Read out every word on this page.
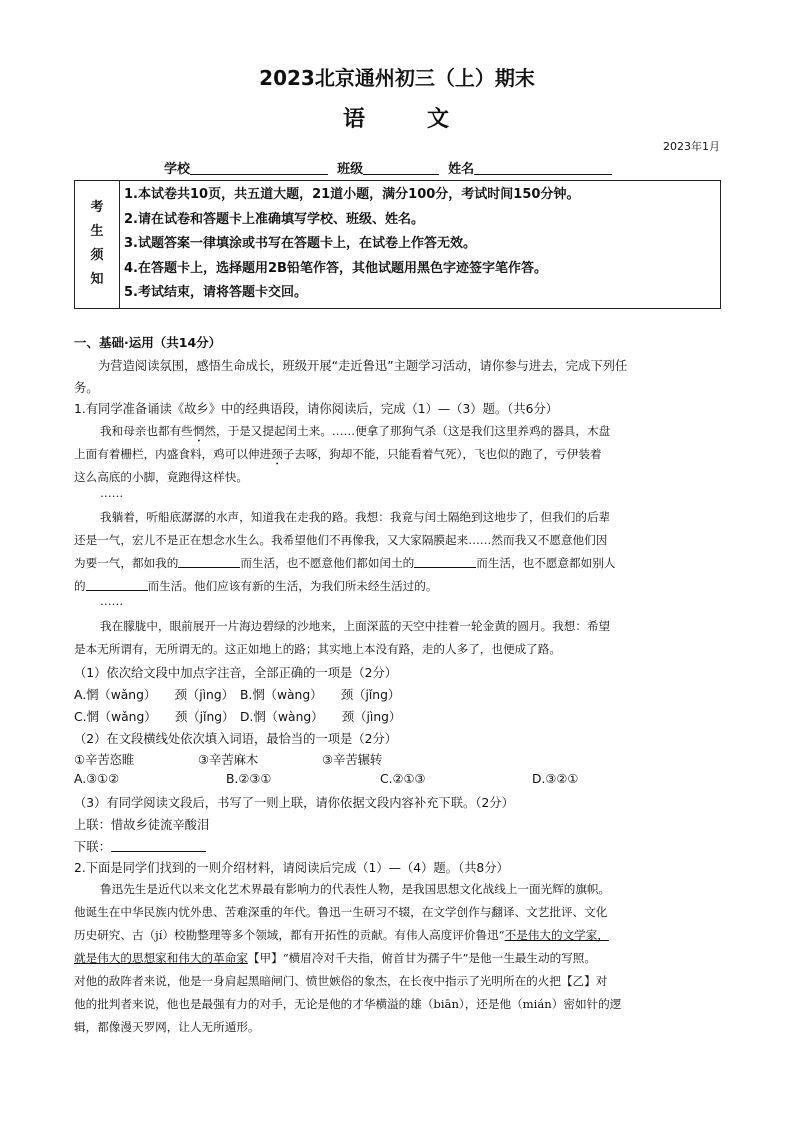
2023北京通州初三（上）期末
语	文
2023年1月
学校	班级	姓名
考
生
须
知

1.本试卷共10页，共五道大题，21道小题，满分100分，考试时间150分钟。
2.请在试卷和答题卡上准确填写学校、班级、姓名。
3.试题答案一律填涂或书写在答题卡上，在试卷上作答无效。
4.在答题卡上，选择题用2B铅笔作答，其他试题用黑色字迹签字笔作答。
5.考试结束，请将答题卡交回。
一、基础·运用（共14分）
为营造阅读氛围，感悟生命成长，班级开展“走近鲁迅”主题学习活动，请你参与进去，完成下列任
务。
1.有同学准备诵读《故乡》中的经典语段，请你阅读后，完成（1）—（3）题。（共6分）
我和母亲也都有些惘然，于是又提起闰土来。……便拿了那狗气杀（这是我们这里养鸡的器具，木盘
上面有着栅栏，内盛食料，鸡可以伸进颈子去啄，狗却不能，只能看着气死），飞也似的跑了，亏伊装着
这么高底的小脚，竟跑得这样快。
……
我躺着，听船底潺潺的水声，知道我在走我的路。我想：我竟与闰土隔绝到这地步了，但我们的后辈
还是一气，宏儿不是正在想念水生么。我希望他们不再像我，又大家隔膜起来……然而我又不愿意他们因
为要一气，都如我的	而生活，也不愿意他们都如闰土的	而生活，也不愿意都如别人
的	而生活。他们应该有新的生活，为我们所未经生活过的。
……
我在朦胧中，眼前展开一片海边碧绿的沙地来，上面深蓝的天空中挂着一轮金黄的圆月。我想：希望
是本无所谓有，无所谓无的。这正如地上的路；其实地上本没有路，走的人多了，也便成了路。
（1）依次给文段中加点字注音，全部正确的一项是（2分）
A.惘（wǎng）　　颈（jìng） B.惘（wàng）　　颈（jǐng）
C.惘（wǎng）　　颈（jǐng） D.惘（wàng）　　颈（jìng）
（2）在文段横线处依次填入词语，最恰当的一项是（2分）
①辛苦恣睢	③辛苦麻木	③辛苦辗转
A.③①②	B.②③①	C.②①③	D.③②①
（3）有同学阅读文段后，书写了一则上联，请你依据文段内容补充下联。（2分）
上联：惜故乡徒流辛酸泪
下联：
2.下面是同学们找到的一则介绍材料，请阅读后完成（1）—（4）题。（共8分）
鲁迅先生是近代以来文化艺术界最有影响力的代表性人物，是我国思想文化战线上一面光辉的旗帜。
他诞生在中华民族内忧外患、苦难深重的年代。鲁迅一生研习不辍，在文学创作与翻译、文艺批评、文化
历史研究、古（jí）校勘整理等多个领域，都有开拓性的贡献。有伟人高度评价鲁迅“不是伟大的文学家，
就是伟大的思想家和伟大的革命家【甲】“横眉冷对千夫指，俯首甘为孺子牛”是他一生最生动的写照。
对他的敌阵者来说，他是一身肩起黑暗闸门、愤世嫉俗的象杰，在长夜中指示了光明所在的火把【乙】对
他的批判者来说，他也是最强有力的对手，无论是他的才华横溢的雄（biān），还是他（mián）密如针的逻
辑，都像漫天罗网，让人无所遁形。
